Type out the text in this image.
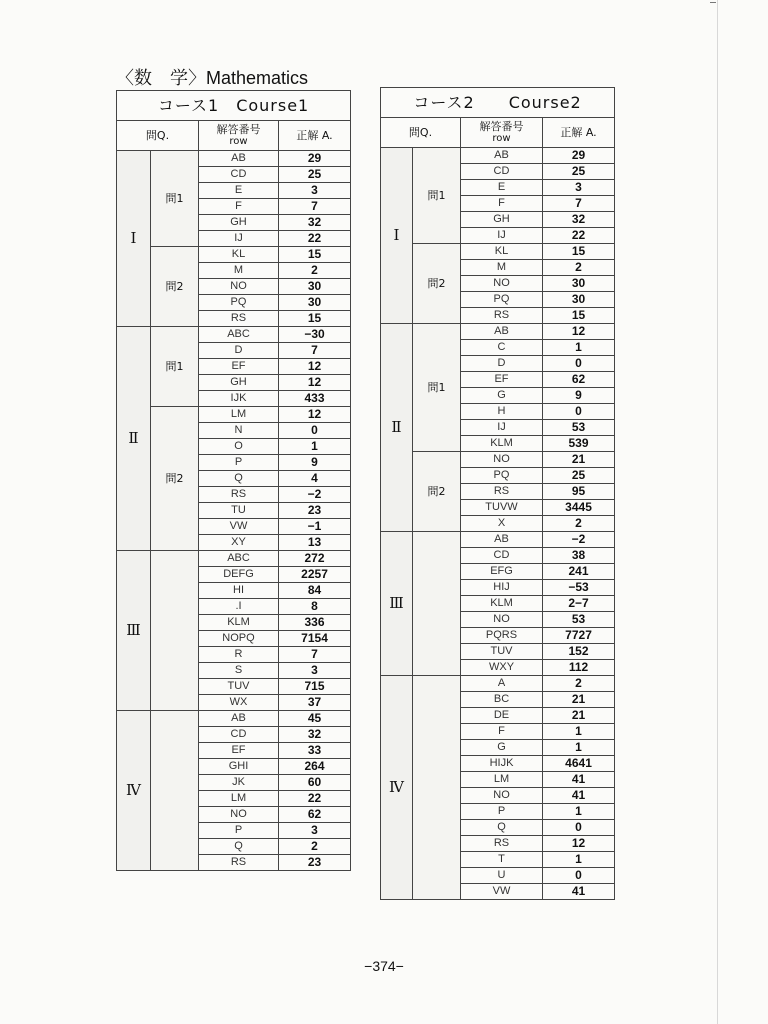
〈数　学〉Mathematics
コース1　Course1			
問Q.		解答番号
row	正解 A.
Ⅰ	問1	AB	29
		CD	25
		E	3
		F	7
		GH	32
		IJ	22
	問2	KL	15
		M	2
		NO	30
		PQ	30
		RS	15
Ⅱ	問1	ABC	−30
		D	7
		EF	12
		GH	12
		IJK	433
	問2	LM	12
		N	0
		O	1
		P	9
		Q	4
		RS	−2
		TU	23
		VW	−1
		XY	13
Ⅲ		ABC	272
		DEFG	2257
		HI	84
		.I	8
		KLM	336
		NOPQ	7154
		R	7
		S	3
		TUV	715
		WX	37
Ⅳ		AB	45
		CD	32
		EF	33
		GHI	264
		JK	60
		LM	22
		NO	62
		P	3
		Q	2
		RS	23
コース2　　Course2			
問Q.		解答番号
row	正解 A.
Ⅰ	問1	AB	29
		CD	25
		E	3
		F	7
		GH	32
		IJ	22
	問2	KL	15
		M	2
		NO	30
		PQ	30
		RS	15
Ⅱ	問1	AB	12
		C	1
		D	0
		EF	62
		G	9
		H	0
		IJ	53
		KLM	539
	問2	NO	21
		PQ	25
		RS	95
		TUVW	3445
		X	2
Ⅲ		AB	−2
		CD	38
		EFG	241
		HIJ	−53
		KLM	2−7
		NO	53
		PQRS	7727
		TUV	152
		WXY	112
Ⅳ		A	2
		BC	21
		DE	21
		F	1
		G	1
		HIJK	4641
		LM	41
		NO	41
		P	1
		Q	0
		RS	12
		T	1
		U	0
		VW	41
−374−
